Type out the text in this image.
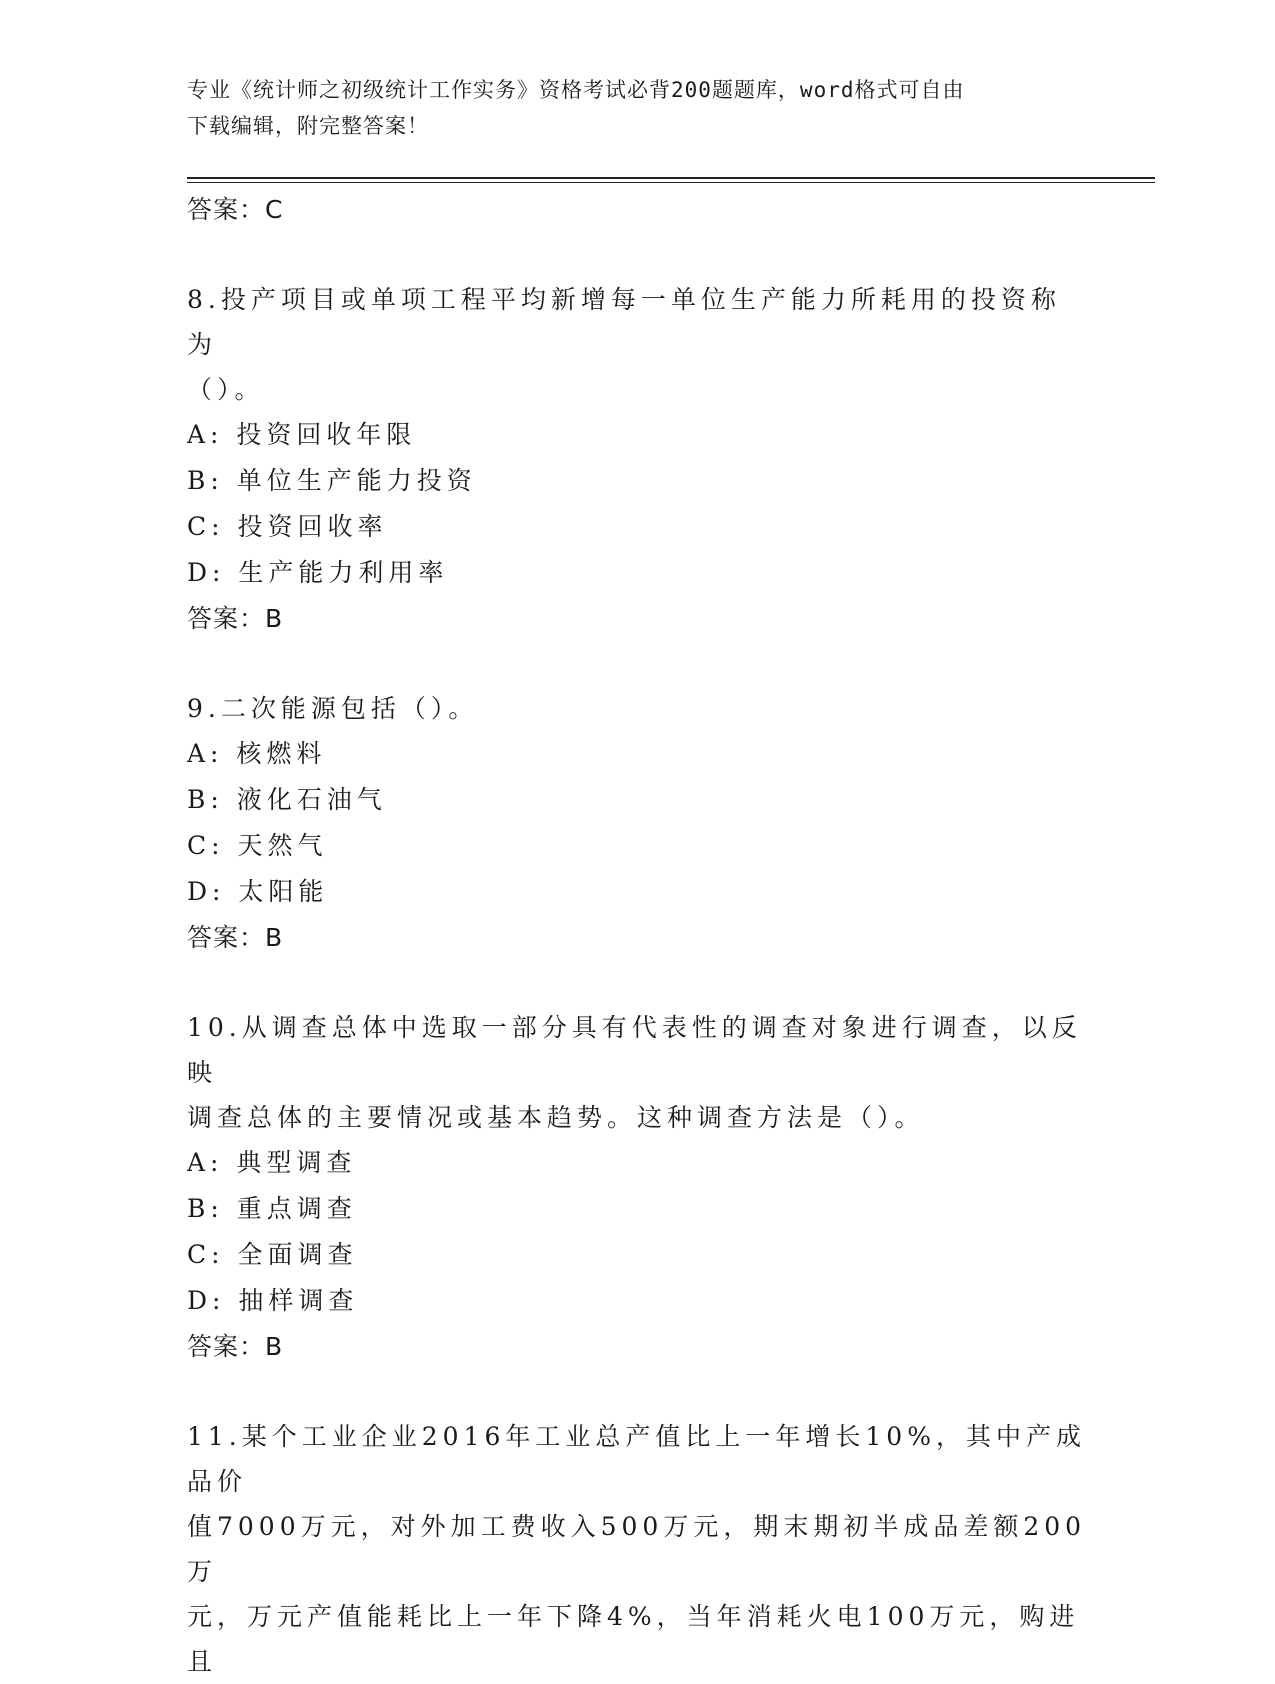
专业《统计师之初级统计工作实务》资格考试必背200题题库，word格式可自由
下载编辑，附完整答案！
答案：C
8.投产项目或单项工程平均新增每一单位生产能力所耗用的投资称为
（）。
A: 投资回收年限
B: 单位生产能力投资
C: 投资回收率
D: 生产能力利用率
答案：B
9.二次能源包括（）。
A: 核燃料
B: 液化石油气
C: 天然气
D: 太阳能
答案：B
10.从调查总体中选取一部分具有代表性的调查对象进行调查，以反映
调查总体的主要情况或基本趋势。这种调查方法是（）。
A: 典型调查
B: 重点调查
C: 全面调查
D: 抽样调查
答案：B
11.某个工业企业2016年工业总产值比上一年增长10%，其中产成品价
值7000万元，对外加工费收入500万元，期末期初半成品差额200万
元，万元产值能耗比上一年下降4%，当年消耗火电100万元，购进且
